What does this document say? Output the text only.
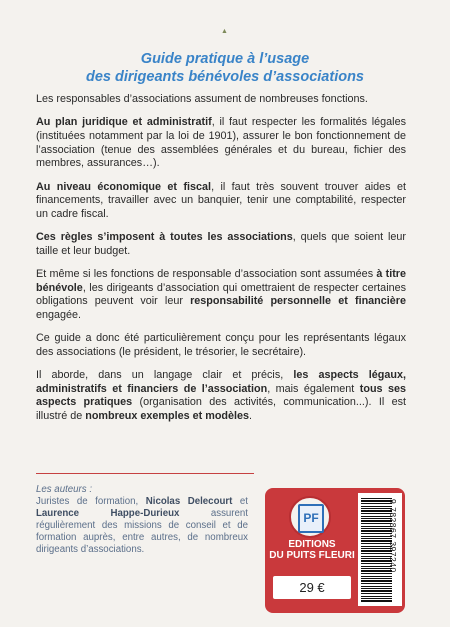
▲
Guide pratique à l’usage
des dirigeants bénévoles d’associations

Les responsables d’associations assument de nombreuses fonctions.

Au plan juridique et administratif, il faut respecter les formalités légales (instituées notamment par la loi de 1901), assurer le bon fonctionnement de l’association (tenue des assemblées générales et du bureau, fichier des membres, assurances…).

Au niveau économique et fiscal, il faut très souvent trouver aides et financements, travailler avec un banquier, tenir une comptabilité, respecter un cadre fiscal.

Ces règles s’imposent à toutes les associations, quels que soient leur taille et leur budget.

Et même si les fonctions de responsable d’association sont assumées à titre bénévole, les dirigeants d’association qui omettraient de respecter certaines obligations peuvent voir leur responsabilité personnelle et financière engagée.

Ce guide a donc été particulièrement conçu pour les représentants légaux des associations (le président, le trésorier, le secrétaire).

Il aborde, dans un langage clair et précis, les aspects légaux, administratifs et financiers de l’association, mais également tous ses aspects pratiques (organisation des activités, communication...). Il est illustré de nombreux exemples et modèles.

Les auteurs :

Juristes de formation, Nicolas Delecourt et Laurence Happe-Durieux assurent régulièrement des missions de conseil et de formation auprès, entre autres, de nombreux dirigeants d’associations.

PF
EDITIONS
DU PUITS FLEURI
29 €
9 782867 397240
